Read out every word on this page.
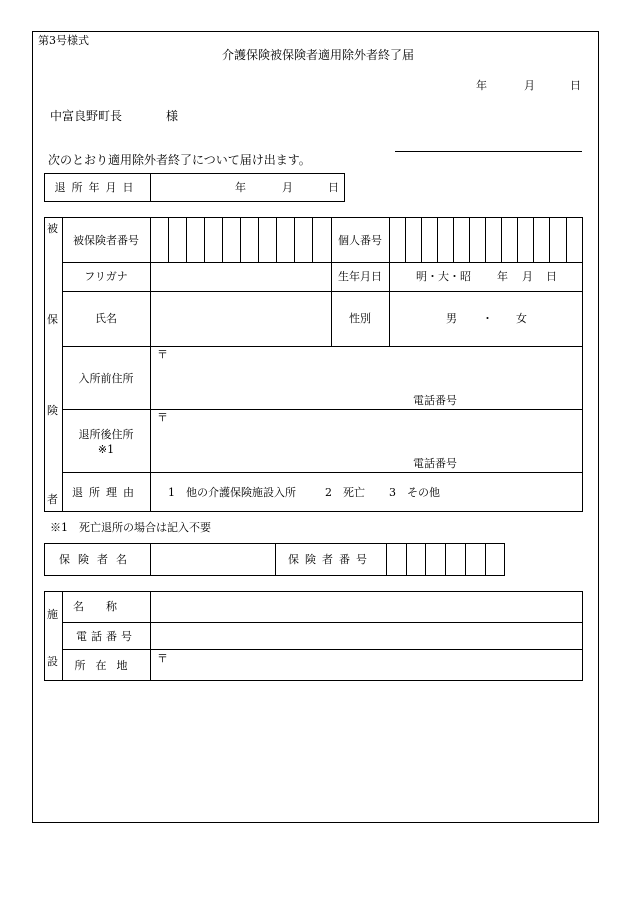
第3号様式
介護保険被保険者適用除外者終了届
年	月	日
中富良野町長	様
次のとおり適用除外者終了について届け出ます。
退所年月日	年	月	日
被
保
険
者
被保険者番号	個人番号
フリガナ	生年月日	明・大・昭 年 月 日
氏名	性別	男 ・ 女
入所前住所
〒
電話番号
退所後住所
※1
〒
電話番号
退所理由	1　他の介護保険施設入所	2　死亡 3　その他
※1　死亡退所の場合は記入不要
保険者名	保険者番号
施
設
名称
電話番号
所在地
〒
